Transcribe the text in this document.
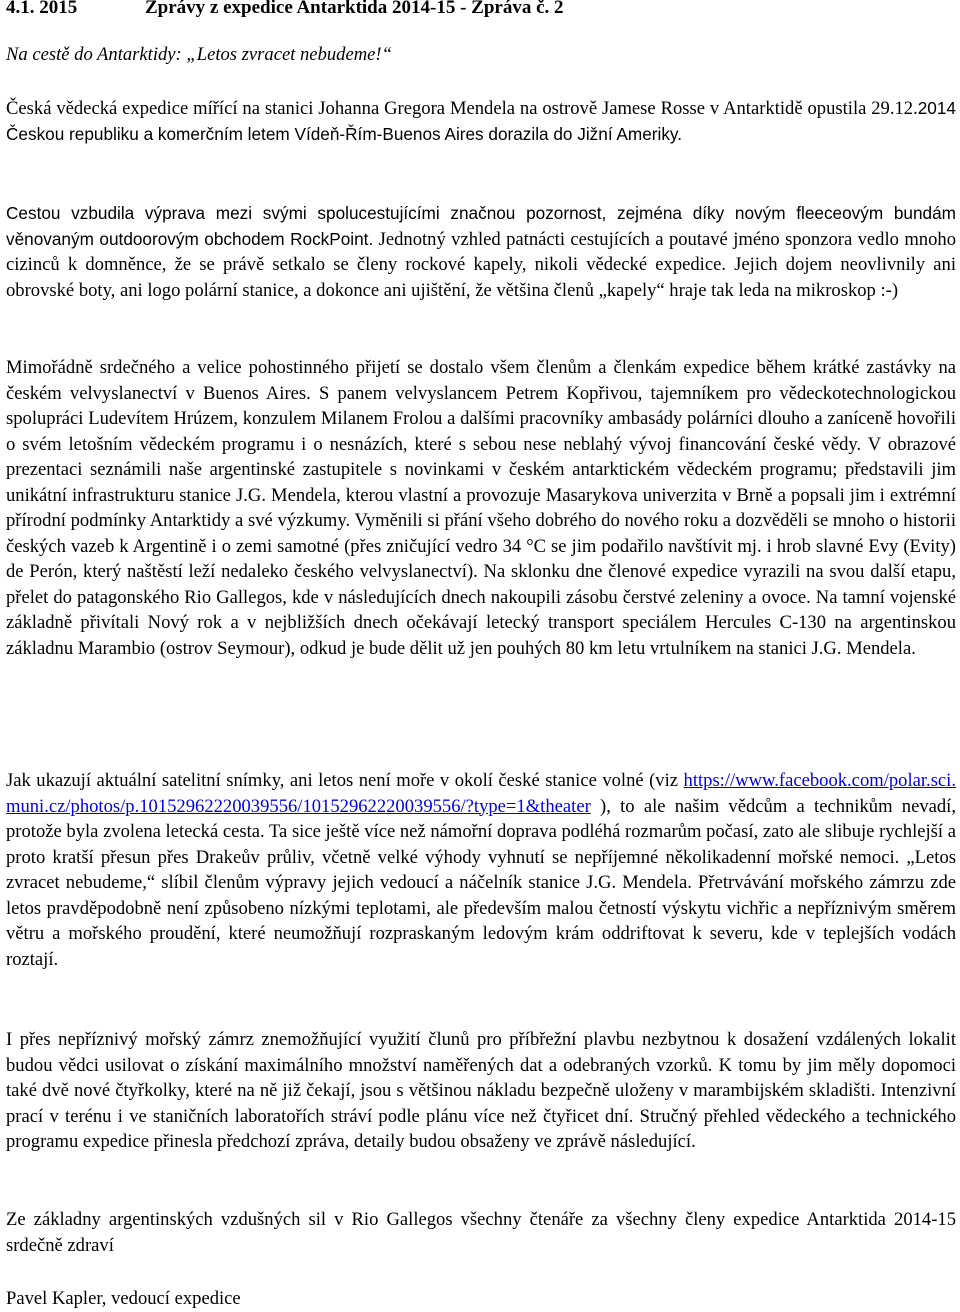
4.1. 2015	Zprávy z expedice Antarktida 2014-15 - Zpráva č. 2
Na cestě do Antarktidy: „Letos zvracet nebudeme!“

Česká vědecká expedice mířící na stanici Johanna Gregora Mendela na ostrově Jamese Rosse v Antarktidě opustila 29.12.2014 Českou republiku a komerčním letem Vídeň-Řím-Buenos Aires dorazila do Jižní Ameriky.

Cestou vzbudila výprava mezi svými spolucestujícími značnou pozornost, zejména díky novým fleeceovým bundám věnovaným outdoorovým obchodem RockPoint. Jednotný vzhled patnácti cestujících a poutavé jméno sponzora vedlo mnoho cizinců k domněnce, že se právě setkalo se členy rockové kapely, nikoli vědecké expedice. Jejich dojem neovlivnily ani obrovské boty, ani logo polární stanice, a dokonce ani ujištění, že většina členů „kapely“ hraje tak leda na mikroskop :-)

Mimořádně srdečného a velice pohostinného přijetí se dostalo všem členům a členkám expedice během krátké zastávky na českém velvyslanectví v Buenos Aires. S panem velvyslancem Petrem Kopřivou, tajemníkem pro vědeckotechnologickou spolupráci Ludevítem Hrúzem, konzulem Milanem Frolou a dalšími pracovníky ambasády polárníci dlouho a zaníceně hovořili o svém letošním vědeckém programu i o nesnázích, které s sebou nese neblahý vývoj financování české vědy. V obrazové prezentaci seznámili naše argentinské zastupitele s novinkami v českém antarktickém vědeckém programu; představili jim unikátní infrastrukturu stanice J.G. Mendela, kterou vlastní a provozuje Masarykova univerzita v Brně a popsali jim i extrémní přírodní podmínky Antarktidy a své výzkumy. Vyměnili si přání všeho dobrého do nového roku a dozvěděli se mnoho o historii českých vazeb k Argentině i o zemi samotné (přes zničující vedro 34 °C se jim podařilo navštívit mj. i hrob slavné Evy (Evity) de Perón, který naštěstí leží nedaleko českého velvyslanectví). Na sklonku dne členové expedice vyrazili na svou další etapu, přelet do patagonského Rio Gallegos, kde v následujících dnech nakoupili zásobu čerstvé zeleniny a ovoce. Na tamní vojenské základně přivítali Nový rok a v nejbližších dnech očekávají letecký transport speciálem Hercules C-130 na argentinskou základnu Marambio (ostrov Seymour), odkud je bude dělit už jen pouhých 80 km letu vrtulníkem na stanici J.G. Mendela.

Jak ukazují aktuální satelitní snímky, ani letos není moře v okolí české stanice volné (viz https://www.facebook.com/polar.sci.muni.cz/photos/p.10152962220039556/10152962220039556/?type=1&theater ), to ale našim vědcům a technikům nevadí, protože byla zvolena letecká cesta. Ta sice ještě více než námořní doprava podléhá rozmarům počasí, zato ale slibuje rychlejší a proto kratší přesun přes Drakeův průliv, včetně velké výhody vyhnutí se nepříjemné několikadenní mořské nemoci. „Letos zvracet nebudeme,“ slíbil členům výpravy jejich vedoucí a náčelník stanice J.G. Mendela. Přetrvávání mořského zámrzu zde letos pravděpodobně není způsobeno nízkými teplotami, ale především malou četností výskytu vichřic a nepříznivým směrem větru a mořského proudění, které neumožňují rozpraskaným ledovým krám oddriftovat k severu, kde v teplejších vodách roztají.

I přes nepříznivý mořský zámrz znemožňující využití člunů pro příbřežní plavbu nezbytnou k dosažení vzdálených lokalit budou vědci usilovat o získání maximálního množství naměřených dat a odebraných vzorků. K tomu by jim měly dopomoci také dvě nové čtyřkolky, které na ně již čekají, jsou s většinou nákladu bezpečně uloženy v marambijském skladišti. Intenzivní prací v terénu i ve staničních laboratořích stráví podle plánu více než čtyřicet dní. Stručný přehled vědeckého a technického programu expedice přinesla předchozí zpráva, detaily budou obsaženy ve zprávě následující.

Ze základny argentinských vzdušných sil v Rio Gallegos všechny čtenáře za všechny členy expedice Antarktida 2014-15 srdečně zdraví

Pavel Kapler, vedoucí expedice
